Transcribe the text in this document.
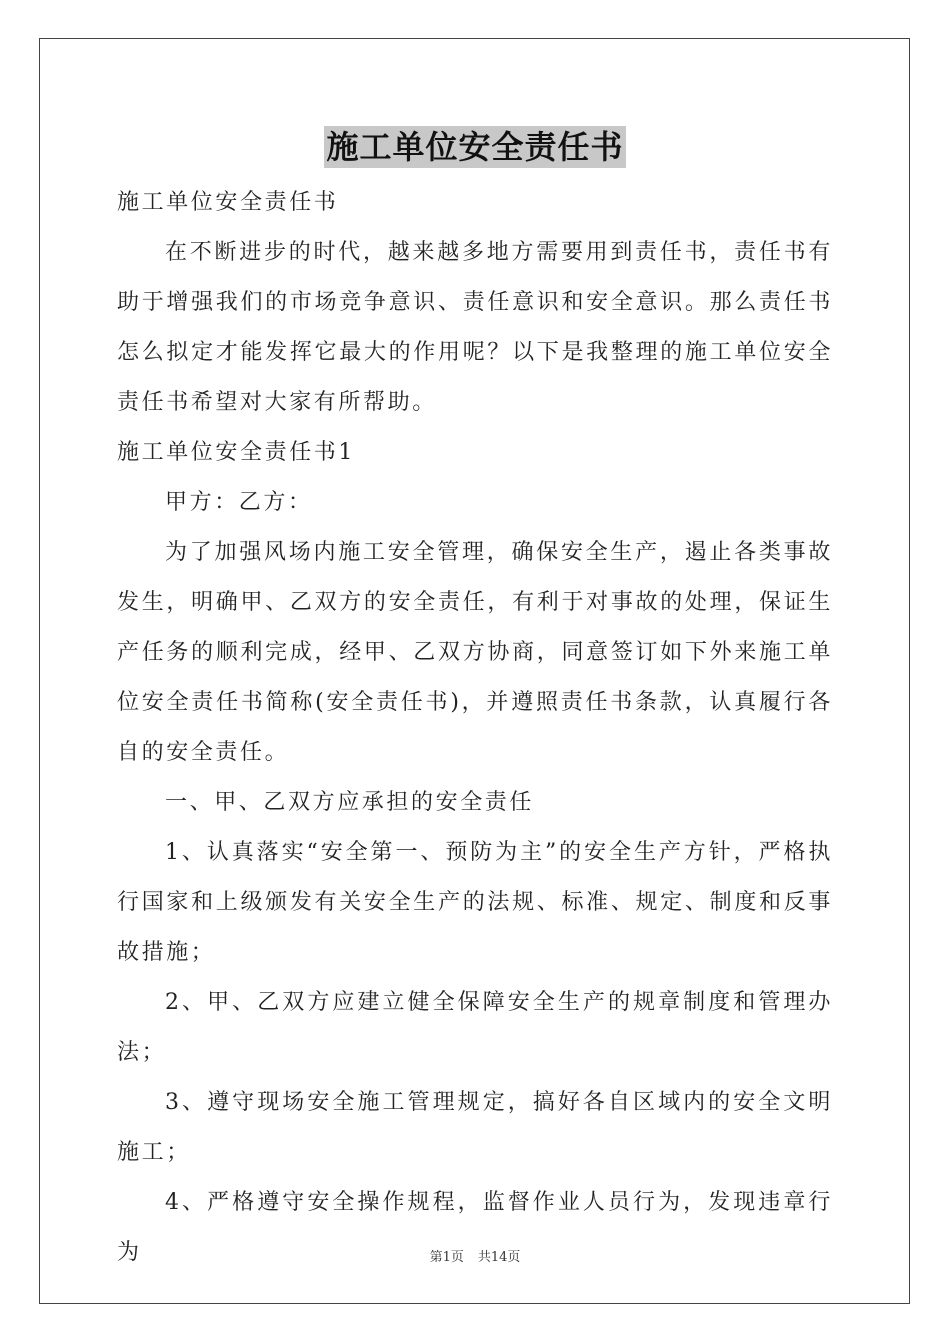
施工单位安全责任书

施工单位安全责任书

在不断进步的时代，越来越多地方需要用到责任书，责任书有助于增强我们的市场竞争意识、责任意识和安全意识。那么责任书怎么拟定才能发挥它最大的作用呢？以下是我整理的施工单位安全责任书希望对大家有所帮助。

施工单位安全责任书1

甲方：乙方：

为了加强风场内施工安全管理，确保安全生产，遏止各类事故发生，明确甲、乙双方的安全责任，有利于对事故的处理，保证生产任务的顺利完成，经甲、乙双方协商，同意签订如下外来施工单位安全责任书简称(安全责任书)，并遵照责任书条款，认真履行各自的安全责任。

一、甲、乙双方应承担的安全责任

1、认真落实“安全第一、预防为主”的安全生产方针，严格执行国家和上级颁发有关安全生产的法规、标准、规定、制度和反事故措施；

2、甲、乙双方应建立健全保障安全生产的规章制度和管理办法；

3、遵守现场安全施工管理规定，搞好各自区域内的安全文明施工；

4、严格遵守安全操作规程，监督作业人员行为，发现违章行为	第1页 共14页
